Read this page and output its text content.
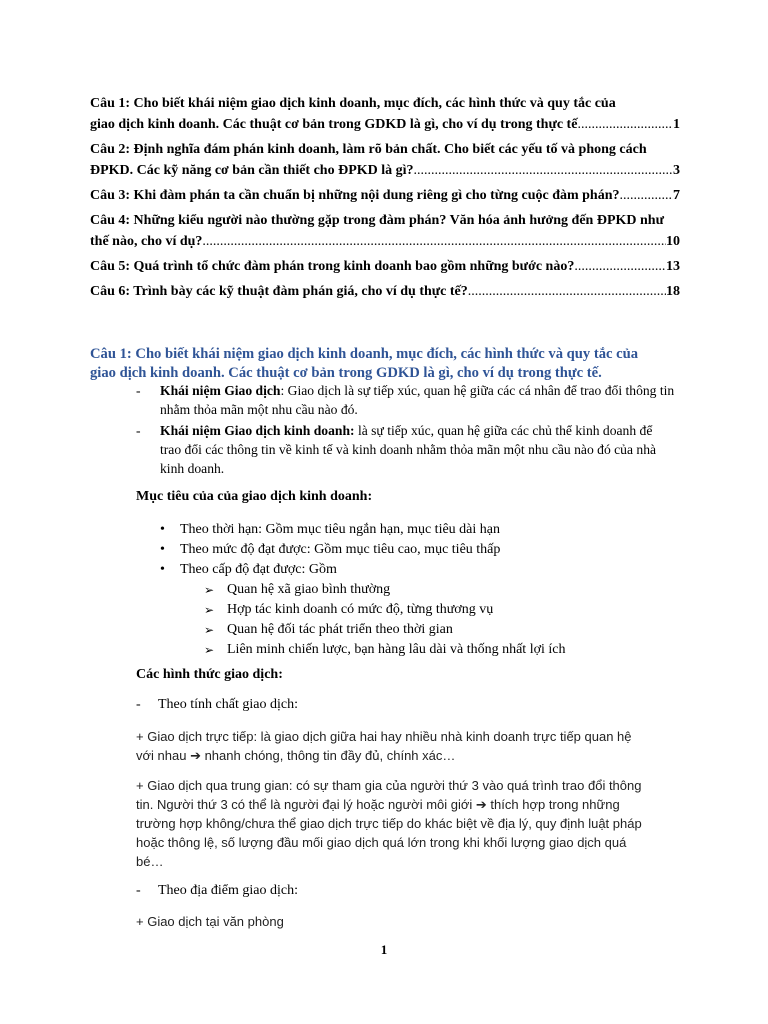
Câu 1: Cho biết khái niệm giao dịch kinh doanh, mục đích, các hình thức và quy tắc của
giao dịch kinh doanh. Các thuật cơ bản trong GDKD là gì, cho ví dụ trong thực tế .....	1
Câu 2: Định nghĩa đám phán kinh doanh, làm rõ bản chất. Cho biết các yếu tố và phong cách
ĐPKD. Các kỹ năng cơ bản cần thiết cho ĐPKD là gì? .....	3
Câu 3: Khi đàm phán ta cần chuẩn bị những nội dung riêng gì cho từng cuộc đàm phán? .....	7
Câu 4: Những kiểu người nào thường gặp trong đàm phán? Văn hóa ảnh hưởng đến ĐPKD như
thế nào, cho ví dụ? .....	10
Câu 5: Quá trình tổ chức đàm phán trong kinh doanh bao gồm những bước nào? .....	13
Câu 6: Trình bày các kỹ thuật đàm phán giá, cho ví dụ thực tế? .....	18
Câu 1: Cho biết khái niệm giao dịch kinh doanh, mục đích, các hình thức và quy tắc của
giao dịch kinh doanh. Các thuật cơ bản trong GDKD là gì, cho ví dụ trong thực tế.
- Khái niệm Giao dịch: Giao dịch là sự tiếp xúc, quan hệ giữa các cá nhân để trao đổi thông tin nhằm thỏa mãn một nhu cầu nào đó.
- Khái niệm Giao dịch kinh doanh: là sự tiếp xúc, quan hệ giữa các chủ thể kinh doanh để trao đổi các thông tin về kinh tế và kinh doanh nhằm thỏa mãn một nhu cầu nào đó của nhà kinh doanh.
Mục tiêu của của giao dịch kinh doanh:
• Theo thời hạn: Gồm mục tiêu ngắn hạn, mục tiêu dài hạn
• Theo mức độ đạt được: Gồm mục tiêu cao, mục tiêu thấp
• Theo cấp độ đạt được: Gồm
➢ Quan hệ xã giao bình thường
➢ Hợp tác kinh doanh có mức độ, từng thương vụ
➢ Quan hệ đối tác phát triển theo thời gian
➢ Liên minh chiến lược, bạn hàng lâu dài và thống nhất lợi ích
Các hình thức giao dịch:
- Theo tính chất giao dịch:
+ Giao dịch trực tiếp: là giao dịch giữa hai hay nhiều nhà kinh doanh trực tiếp quan hệ
với nhau ➔ nhanh chóng, thông tin đầy đủ, chính xác…
+ Giao dịch qua trung gian: có sự tham gia của người thứ 3 vào quá trình trao đổi thông
tin. Người thứ 3 có thể là người đại lý hoặc người môi giới ➔ thích hợp trong những
trường hợp không/chưa thể giao dịch trực tiếp do khác biệt về địa lý, quy định luật pháp
hoặc thông lệ, số lượng đầu mối giao dịch quá lớn trong khi khối lượng giao dịch quá
bé…
- Theo địa điểm giao dịch:
+ Giao dịch tại văn phòng
1
